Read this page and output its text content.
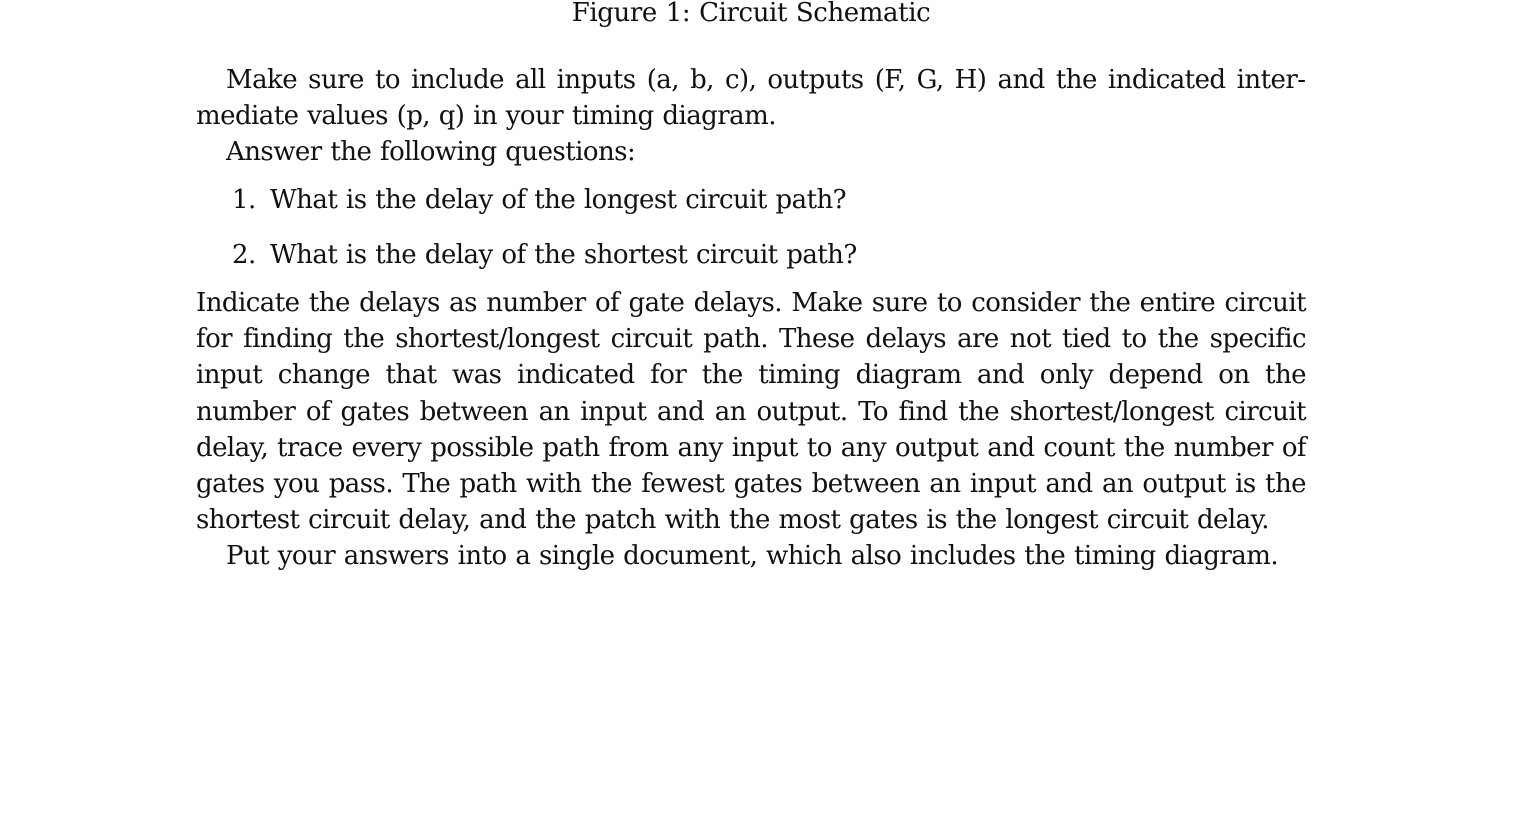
Figure 1: Circuit Schematic

Make sure to include all inputs (a, b, c), outputs (F, G, H) and the indicated intermediate values (p, q) in your timing diagram.

Answer the following questions:

1. What is the delay of the longest circuit path?
2. What is the delay of the shortest circuit path?

Indicate the delays as number of gate delays. Make sure to consider the entire circuit for finding the shortest/longest circuit path. These delays are not tied to the specific input change that was indicated for the timing diagram and only depend on the number of gates between an input and an output. To find the shortest/longest circuit delay, trace every possible path from any input to any output and count the number of gates you pass. The path with the fewest gates between an input and an output is the shortest circuit delay, and the patch with the most gates is the longest circuit delay.

Put your answers into a single document, which also includes the timing diagram.
